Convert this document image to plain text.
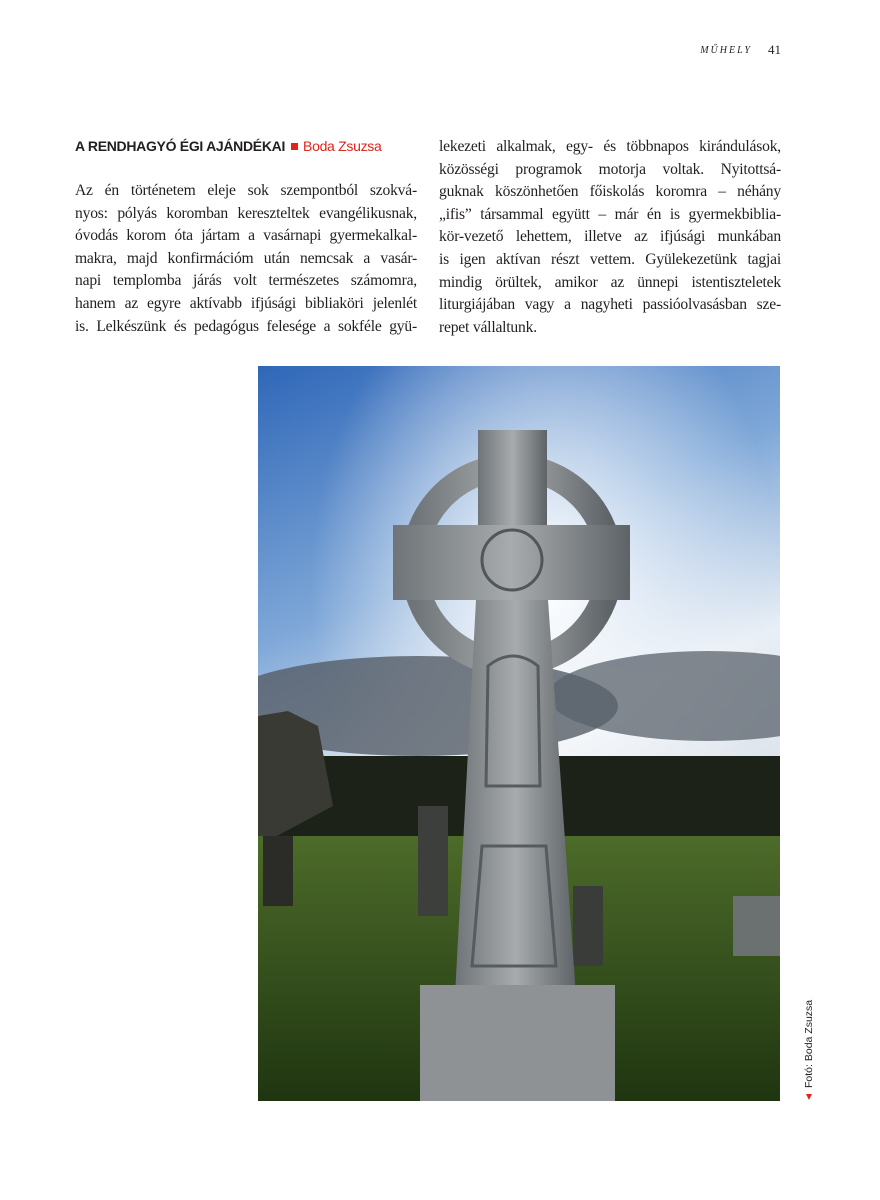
MŰHELY 41
A RENDHAGYÓ ÉGI AJÁNDÉKAI Boda Zsuzsa
Az én történetem eleje sok szempontból szokvá-
nyos: pólyás koromban kereszteltek evangélikusnak,
óvodás korom óta jártam a vasárnapi gyermekalkal-
makra, majd konfirmációm után nemcsak a vasár-
napi templomba járás volt természetes számomra,
hanem az egyre aktívabb ifjúsági bibliaköri jelenlét
is. Lelkészünk és pedagógus felesége a sokféle gyü-
lekezeti alkalmak, egy- és többnapos kirándulások,
közösségi programok motorja voltak. Nyitottsá-
guknak köszönhetően főiskolás koromra – néhány
„ifis” társammal együtt – már én is gyermekbiblia-
kör-vezető lehettem, illetve az ifjúsági munkában
is igen aktívan részt vettem. Gyülekezetünk tagjai
mindig örültek, amikor az ünnepi istentiszteletek
liturgiájában vagy a nagyheti passióolvasásban sze-
repet vállaltunk.
Fotó: Boda Zsuzsa
